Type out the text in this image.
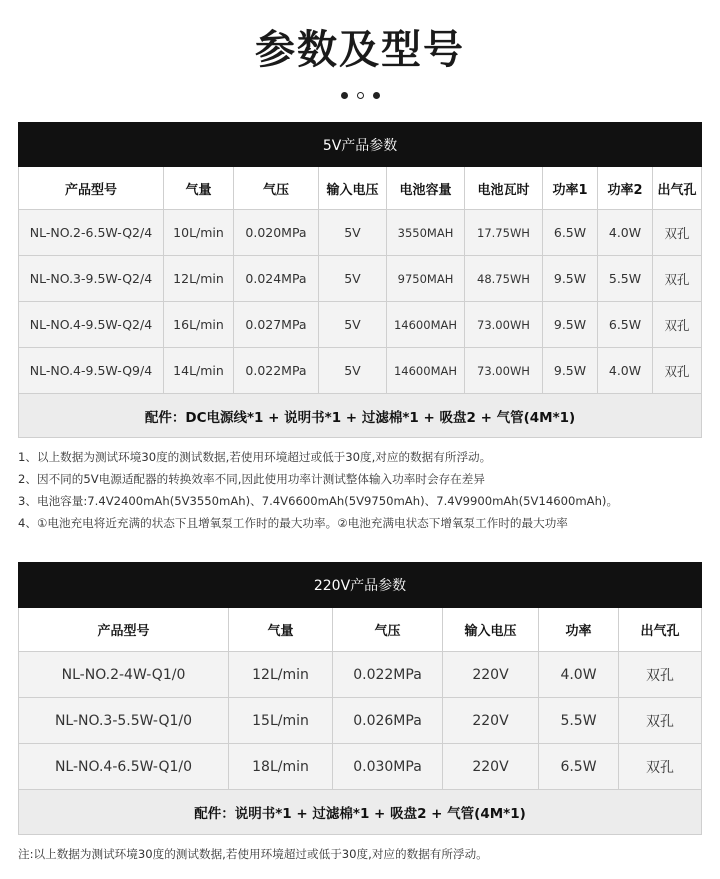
参数及型号
5V产品参数								
产品型号	气量	气压	输入电压	电池容量	电池瓦时	功率1	功率2	出气孔
NL-NO.2-6.5W-Q2/4	10L/min	0.020MPa	5V	3550MAH	17.75WH	6.5W	4.0W	双孔
NL-NO.3-9.5W-Q2/4	12L/min	0.024MPa	5V	9750MAH	48.75WH	9.5W	5.5W	双孔
NL-NO.4-9.5W-Q2/4	16L/min	0.027MPa	5V	14600MAH	73.00WH	9.5W	6.5W	双孔
NL-NO.4-9.5W-Q9/4	14L/min	0.022MPa	5V	14600MAH	73.00WH	9.5W	4.0W	双孔
配件：DC电源线*1 + 说明书*1 + 过滤棉*1 + 吸盘2 + 气管(4M*1)								
1、以上数据为测试环境30度的测试数据,若使用环境超过或低于30度,对应的数据有所浮动。
2、因不同的5V电源适配器的转换效率不同,因此使用功率计测试整体输入功率时会存在差异
3、电池容量:7.4V2400mAh(5V3550mAh)、7.4V6600mAh(5V9750mAh)、7.4V9900mAh(5V14600mAh)。
4、①电池充电将近充满的状态下且增氧泵工作时的最大功率。②电池充满电状态下增氧泵工作时的最大功率
220V产品参数					
产品型号	气量	气压	输入电压	功率	出气孔
NL-NO.2-4W-Q1/0	12L/min	0.022MPa	220V	4.0W	双孔
NL-NO.3-5.5W-Q1/0	15L/min	0.026MPa	220V	5.5W	双孔
NL-NO.4-6.5W-Q1/0	18L/min	0.030MPa	220V	6.5W	双孔
配件：说明书*1 + 过滤棉*1 + 吸盘2 + 气管(4M*1)					
注:以上数据为测试环境30度的测试数据,若使用环境超过或低于30度,对应的数据有所浮动。
